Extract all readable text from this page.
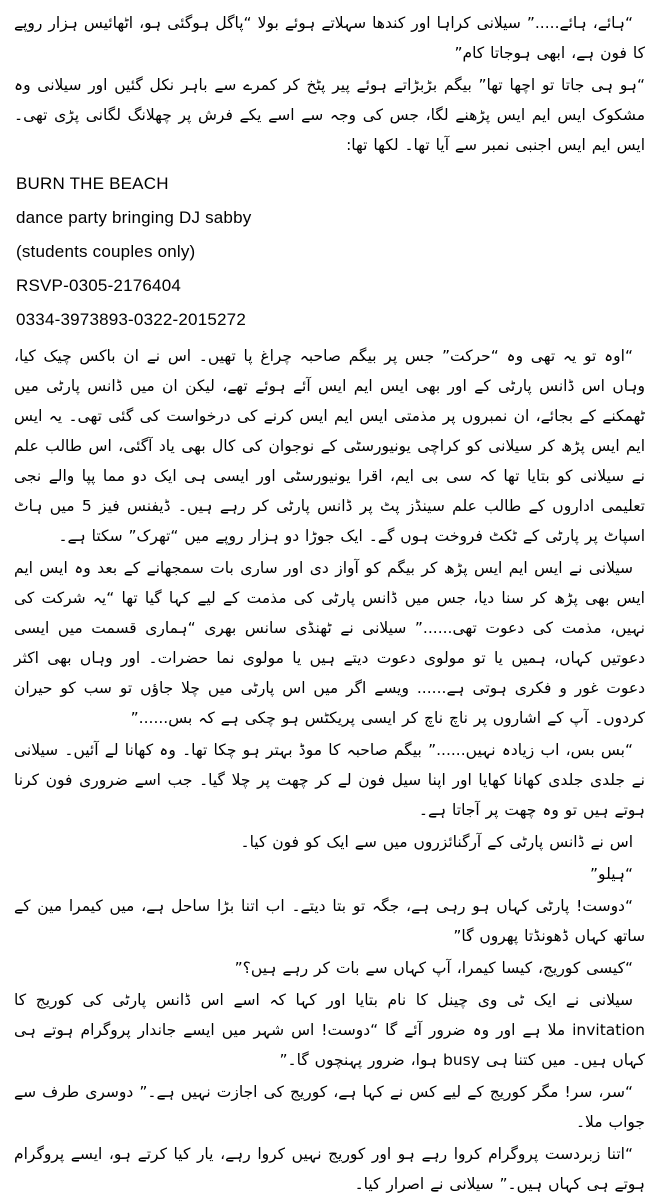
“ہائے، ہائے.....” سیلانی کراہا اور کندھا سہلاتے ہوئے بولا “پاگل ہوگئی ہو، اٹھائیس ہزار روپے کا فون ہے، ابھی ہوجاتا کام”

“ہو ہی جاتا تو اچھا تھا” بیگم بڑبڑاتے ہوئے پیر پٹخ کر کمرے سے باہر نکل گئیں اور سیلانی وہ مشکوک ایس ایم ایس پڑھنے لگا، جس کی وجہ سے اسے یکے فرش پر چھلانگ لگانی پڑی تھی۔ ایس ایم ایس اجنبی نمبر سے آیا تھا۔ لکھا تھا:

BURN THE BEACH

dance party bringing DJ sabby

(students couples only)

RSVP-0305-2176404

0334-3973893-0322-2015272

“اوہ تو یہ تھی وہ “حرکت” جس پر بیگم صاحبہ چراغ پا تھیں۔ اس نے ان باکس چیک کیا، وہاں اس ڈانس پارٹی کے اور بھی ایس ایم ایس آئے ہوئے تھے، لیکن ان میں ڈانس پارٹی میں ٹھمکنے کے بجائے، ان نمبروں پر مذمتی ایس ایم ایس کرنے کی درخواست کی گئی تھی۔ یہ ایس ایم ایس پڑھ کر سیلانی کو کراچی یونیورسٹی کے نوجوان کی کال بھی یاد آگئی، اس طالب علم نے سیلانی کو بتایا تھا کہ سی بی ایم، اقرا یونیورسٹی اور ایسی ہی ایک دو مما پپا والے نجی تعلیمی اداروں کے طالب علم سینڈز پٹ پر ڈانس پارٹی کر رہے ہیں۔ ڈیفنس فیز 5 میں ہاٹ اسپاٹ پر پارٹی کے ٹکٹ فروخت ہوں گے۔ ایک جوڑا دو ہزار روپے میں “تھرک” سکتا ہے۔

سیلانی نے ایس ایم ایس پڑھ کر بیگم کو آواز دی اور ساری بات سمجھانے کے بعد وہ ایس ایم ایس بھی پڑھ کر سنا دیا، جس میں ڈانس پارٹی کی مذمت کے لیے کہا گیا تھا “یہ شرکت کی نہیں، مذمت کی دعوت تھی......” سیلانی نے ٹھنڈی سانس بھری “ہماری قسمت میں ایسی دعوتیں کہاں، ہمیں یا تو مولوی دعوت دیتے ہیں یا مولوی نما حضرات۔ اور وہاں بھی اکثر دعوت غور و فکری ہوتی ہے...... ویسے اگر میں اس پارٹی میں چلا جاؤں تو سب کو حیران کردوں۔ آپ کے اشاروں پر ناچ ناچ کر ایسی پریکٹس ہو چکی ہے کہ بس......”

“بس بس، اب زیادہ نہیں......” بیگم صاحبہ کا موڈ بہتر ہو چکا تھا۔ وہ کھانا لے آئیں۔ سیلانی نے جلدی جلدی کھانا کھایا اور اپنا سیل فون لے کر چھت پر چلا گیا۔ جب اسے ضروری فون کرنا ہوتے ہیں تو وہ چھت پر آجاتا ہے۔

اس نے ڈانس پارٹی کے آرگنائزروں میں سے ایک کو فون کیا۔

“ہیلو”

“دوست! پارٹی کہاں ہو رہی ہے، جگہ تو بتا دیتے۔ اب اتنا بڑا ساحل ہے، میں کیمرا مین کے ساتھ کہاں ڈھونڈتا پھروں گا”

“کیسی کوریج، کیسا کیمرا، آپ کہاں سے بات کر رہے ہیں؟”

سیلانی نے ایک ٹی وی چینل کا نام بتایا اور کہا کہ اسے اس ڈانس پارٹی کی کوریج کا invitation ملا ہے اور وہ ضرور آئے گا “دوست! اس شہر میں ایسے جاندار پروگرام ہوتے ہی کہاں ہیں۔ میں کتنا ہی busy ہوا، ضرور پہنچوں گا۔”

“سر، سر! مگر کوریج کے لیے کس نے کہا ہے، کوریج کی اجازت نہیں ہے۔” دوسری طرف سے جواب ملا۔

“اتنا زبردست پروگرام کروا رہے ہو اور کوریج نہیں کروا رہے، یار کیا کرتے ہو، ایسے پروگرام ہوتے ہی کہاں ہیں۔” سیلانی نے اصرار کیا۔
